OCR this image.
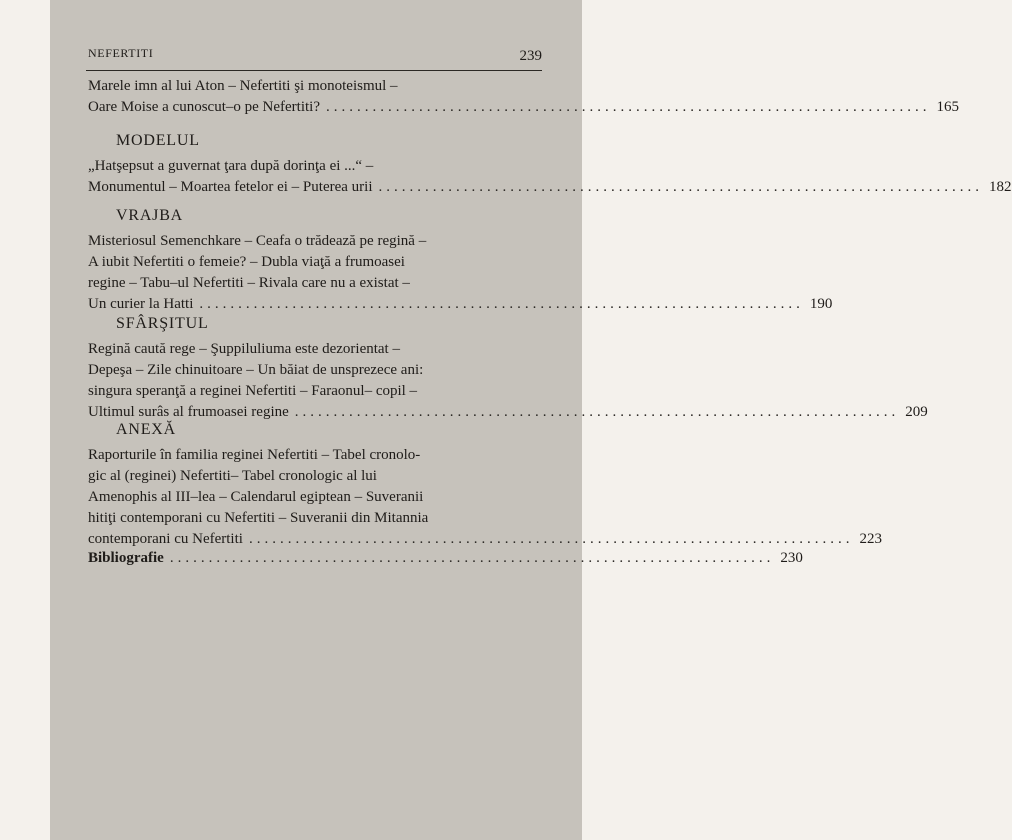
NEFERTITI	239
Marele imn al lui Aton – Nefertiti şi monoteismul –
Oare Moise a cunoscut–o pe Nefertiti? .............................................................................. 165
MODELUL
„Hatşepsut a guvernat ţara după dorinţa ei ...“ –
Monumentul – Moartea fetelor ei – Puterea urii .............................................................................. 182
VRAJBA
Misteriosul Semenchkare – Ceafa o trădează pe regină –
A iubit Nefertiti o femeie? – Dubla viaţă a frumoasei
regine – Tabu–ul Nefertiti – Rivala care nu a existat –
Un curier la Hatti .............................................................................. 190
SFÂRŞITUL
Regină caută rege – Şuppiluliuma este dezorientat –
Depeşa – Zile chinuitoare – Un băiat de unsprezece ani:
singura speranţă a reginei Nefertiti – Faraonul– copil –
Ultimul surâs al frumoasei regine .............................................................................. 209
ANEXĂ
Raporturile în familia reginei Nefertiti – Tabel cronolo-
gic al (reginei) Nefertiti– Tabel cronologic al lui
Amenophis al III–lea – Calendarul egiptean – Suveranii
hitiţi contemporani cu Nefertiti – Suveranii din Mitannia
contemporani cu Nefertiti .............................................................................. 223
Bibliografie .............................................................................. 230
